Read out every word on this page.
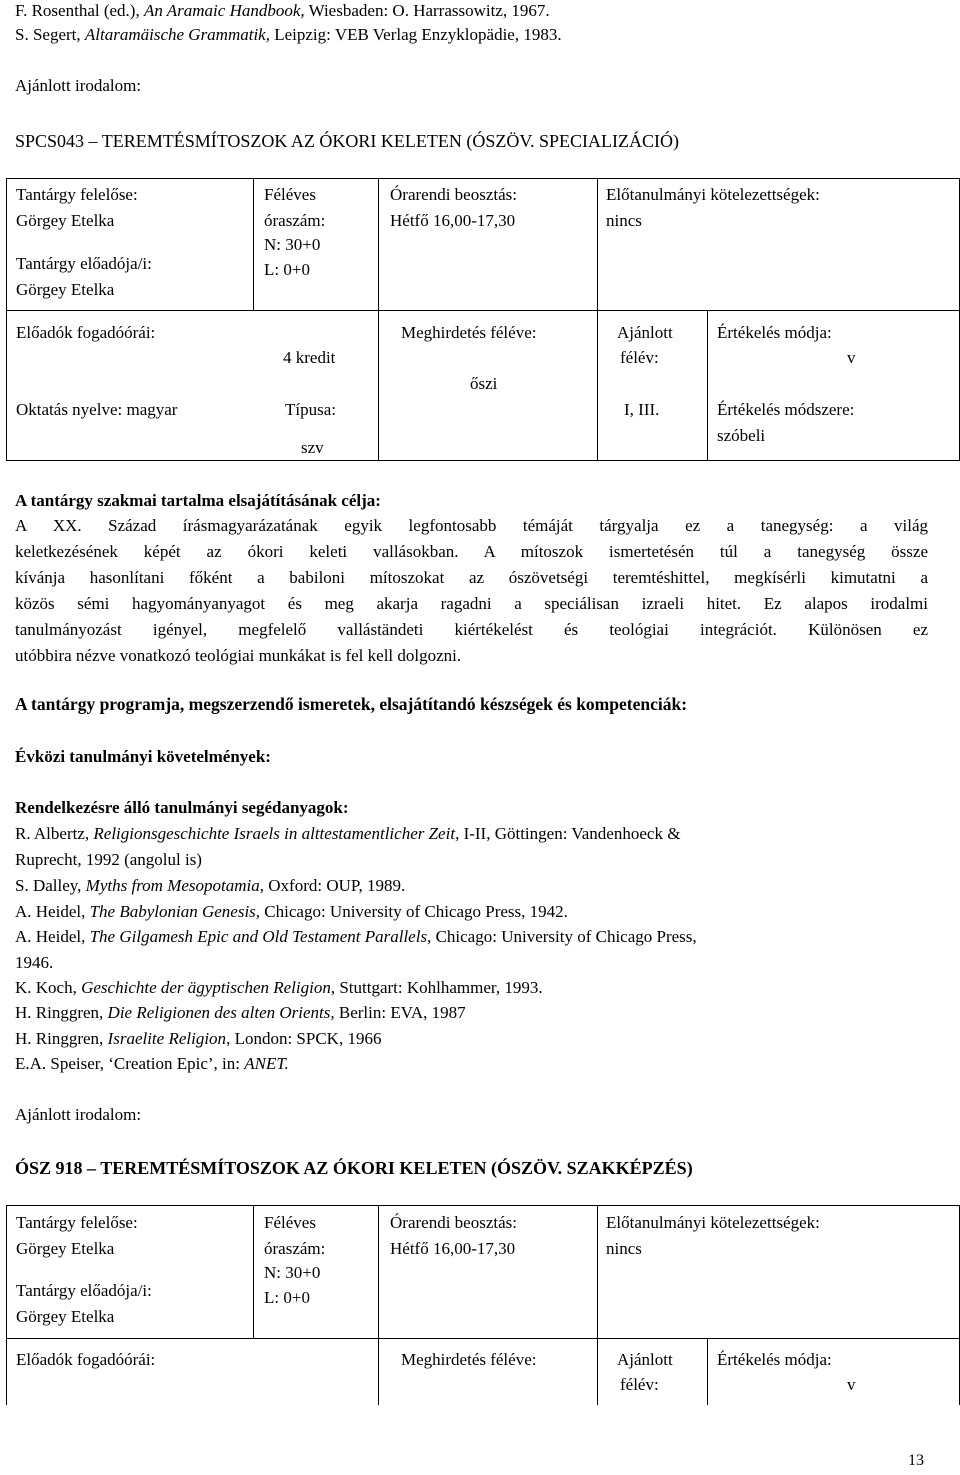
F. Rosenthal (ed.), An Aramaic Handbook, Wiesbaden: O. Harrassowitz, 1967.
S. Segert, Altaramäische Grammatik, Leipzig: VEB Verlag Enzyklopädie, 1983.
Ajánlott irodalom:
SPCS043 – TEREMTÉSMÍTOSZOK AZ ÓKORI KELETEN (ÓSZÖV. SPECIALIZÁCIÓ)
Tantárgy felelőse:
Görgey Etelka
Tantárgy előadója/i:
Görgey Etelka
Féléves
óraszám:
N: 30+0
L: 0+0
Órarendi beosztás:
Hétfő 16,00-17,30
Előtanulmányi kötelezettségek:
nincs
Előadók fogadóórái:
4 kredit
Oktatás nyelve: magyar	Típusa:
szv
Meghirdetés féléve:
őszi
Ajánlott
félév:
I, III.
Értékelés módja:
v
Értékelés módszere:
szóbeli
A tantárgy szakmai tartalma elsajátításának célja:
A XX. Század írásmagyarázatának egyik legfontosabb témáját tárgyalja ez a tanegység: a világ
keletkezésének képét az ókori keleti vallásokban. A mítoszok ismertetésén túl a tanegység össze
kívánja hasonlítani főként a babiloni mítoszokat az ószövetségi teremtéshittel, megkísérli kimutatni a
közös sémi hagyományanyagot és meg akarja ragadni a speciálisan izraeli hitet. Ez alapos irodalmi
tanulmányozást igényel, megfelelő valláständeti kiértékelést és teológiai integrációt. Különösen ez
utóbbira nézve vonatkozó teológiai munkákat is fel kell dolgozni.
A tantárgy programja, megszerzendő ismeretek, elsajátítandó készségek és kompetenciák:
Évközi tanulmányi követelmények:
Rendelkezésre álló tanulmányi segédanyagok:
R. Albertz, Religionsgeschichte Israels in alttestamentlicher Zeit, I-II, Göttingen: Vandenhoeck &
Ruprecht, 1992 (angolul is)
S. Dalley, Myths from Mesopotamia, Oxford: OUP, 1989.
A. Heidel, The Babylonian Genesis, Chicago: University of Chicago Press, 1942.
A. Heidel, The Gilgamesh Epic and Old Testament Parallels, Chicago: University of Chicago Press,
1946.
K. Koch, Geschichte der ägyptischen Religion, Stuttgart: Kohlhammer, 1993.
H. Ringgren, Die Religionen des alten Orients, Berlin: EVA, 1987
H. Ringgren, Israelite Religion, London: SPCK, 1966
E.A. Speiser, ‘Creation Epic’, in: ANET.
Ajánlott irodalom:
ÓSZ 918 – TEREMTÉSMÍTOSZOK AZ ÓKORI KELETEN (ÓSZÖV. SZAKKÉPZÉS)
Tantárgy felelőse:
Görgey Etelka
Tantárgy előadója/i:
Görgey Etelka
Féléves
óraszám:
N: 30+0
L: 0+0
Órarendi beosztás:
Hétfő 16,00-17,30
Előtanulmányi kötelezettségek:
nincs
Előadók fogadóórái:	Meghirdetés féléve:	Ajánlott
félév:
Értékelés módja:
v
13
